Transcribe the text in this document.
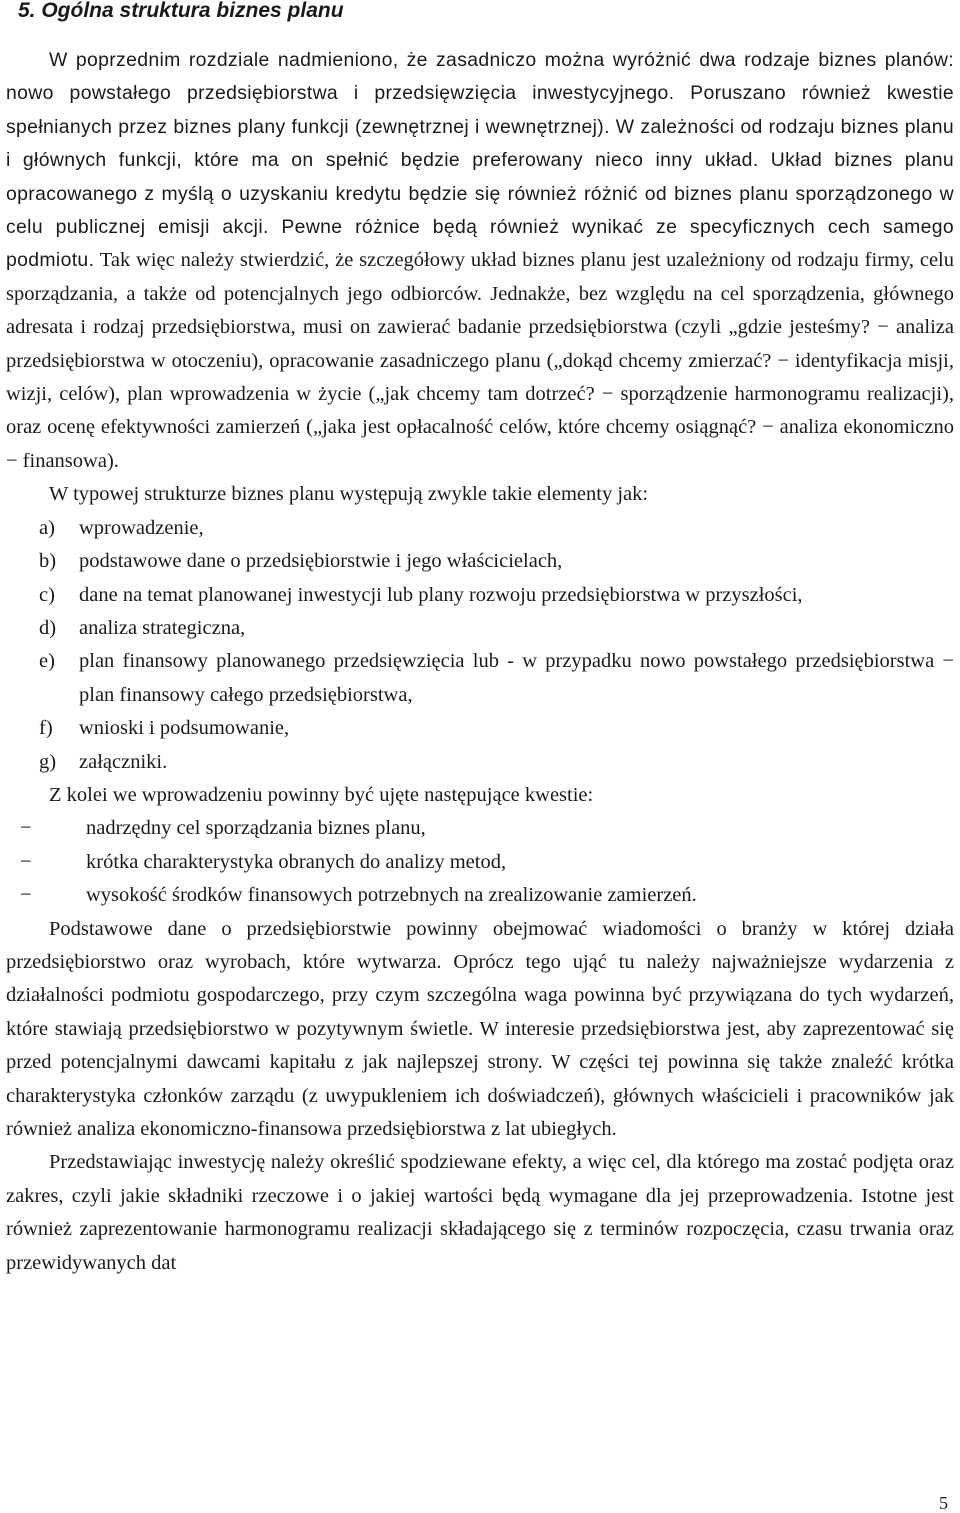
5. Ogólna struktura biznes planu

W poprzednim rozdziale nadmieniono, że zasadniczo można wyróżnić dwa rodzaje biznes planów: nowo powstałego przedsiębiorstwa i przedsięwzięcia inwestycyjnego. Poruszano również kwestie spełnianych przez biznes plany funkcji (zewnętrznej i wewnętrznej). W zależności od rodzaju biznes planu i głównych funkcji, które ma on spełnić będzie preferowany nieco inny układ. Układ biznes planu opracowanego z myślą o uzyskaniu kredytu będzie się również różnić od biznes planu sporządzonego w celu publicznej emisji akcji. Pewne różnice będą również wynikać ze specyficznych cech samego podmiotu. Tak więc należy stwierdzić, że szczegółowy układ biznes planu jest uzależniony od rodzaju firmy, celu sporządzania, a także od potencjalnych jego odbiorców. Jednakże, bez względu na cel sporządzenia, głównego adresata i rodzaj przedsiębiorstwa, musi on zawierać badanie przedsiębiorstwa (czyli „gdzie jesteśmy? − analiza przedsiębiorstwa w otoczeniu), opracowanie zasadniczego planu („dokąd chcemy zmierzać? − identyfikacja misji, wizji, celów), plan wprowadzenia w życie („jak chcemy tam dotrzeć? − sporządzenie harmonogramu realizacji), oraz ocenę efektywności zamierzeń („jaka jest opłacalność celów, które chcemy osiągnąć? − analiza ekonomiczno − finansowa).

W typowej strukturze biznes planu występują zwykle takie elementy jak:

a) wprowadzenie,
b) podstawowe dane o przedsiębiorstwie i jego właścicielach,
c) dane na temat planowanej inwestycji lub plany rozwoju przedsiębiorstwa w przyszłości,
d) analiza strategiczna,
e) plan finansowy planowanego przedsięwzięcia lub - w przypadku nowo powstałego przedsiębiorstwa − plan finansowy całego przedsiębiorstwa,
f) wnioski i podsumowanie,
g) załączniki.

Z kolei we wprowadzeniu powinny być ujęte następujące kwestie:

−	nadrzędny cel sporządzania biznes planu,
−	krótka charakterystyka obranych do analizy metod,
−	wysokość środków finansowych potrzebnych na zrealizowanie zamierzeń.

Podstawowe dane o przedsiębiorstwie powinny obejmować wiadomości o branży w której działa przedsiębiorstwo oraz wyrobach, które wytwarza. Oprócz tego ująć tu należy najważniejsze wydarzenia z działalności podmiotu gospodarczego, przy czym szczególna waga powinna być przywiązana do tych wydarzeń, które stawiają przedsiębiorstwo w pozytywnym świetle. W interesie przedsiębiorstwa jest, aby zaprezentować się przed potencjalnymi dawcami kapitału z jak najlepszej strony. W części tej powinna się także znaleźć krótka charakterystyka członków zarządu (z uwypukleniem ich doświadczeń), głównych właścicieli i pracowników jak również analiza ekonomiczno-finansowa przedsiębiorstwa z lat ubiegłych.

Przedstawiając inwestycję należy określić spodziewane efekty, a więc cel, dla którego ma zostać podjęta oraz zakres, czyli jakie składniki rzeczowe i o jakiej wartości będą wymagane dla jej przeprowadzenia. Istotne jest również zaprezentowanie harmonogramu realizacji składającego się z terminów rozpoczęcia, czasu trwania oraz przewidywanych dat

5
